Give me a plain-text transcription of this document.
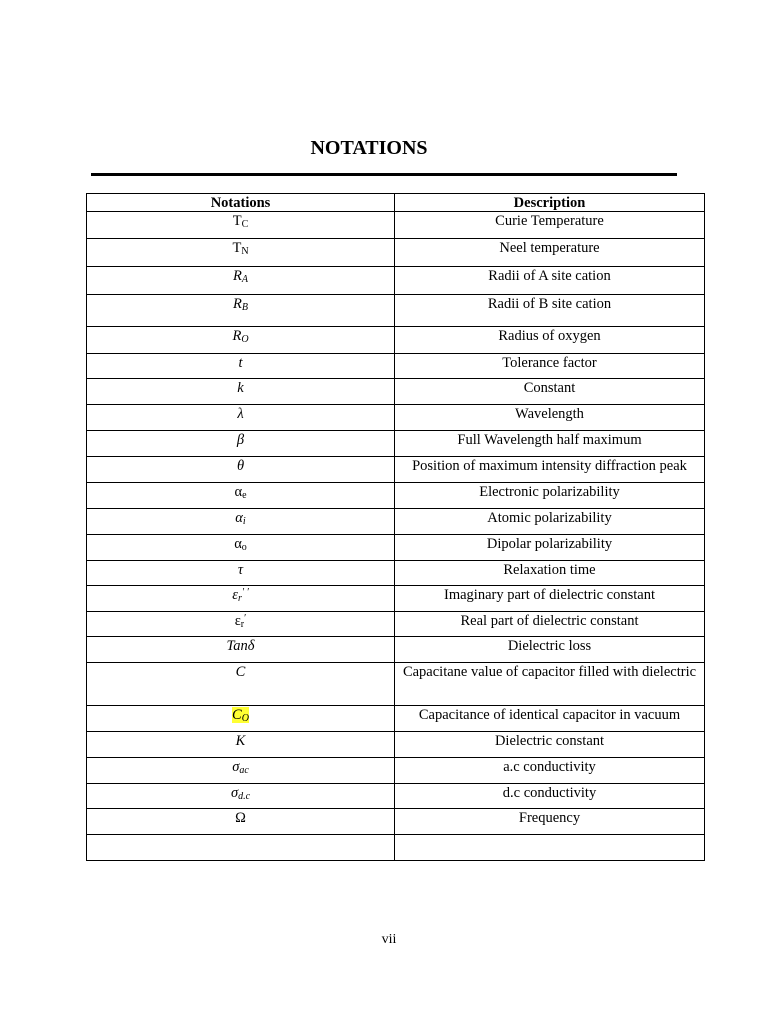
NOTATIONS
Notations	Description
$T_C$	Curie Temperature
$T_N$	Neel temperature
$R_A$	Radii of A site cation
$R_B$	Radii of B site cation
$R_O$	Radius of oxygen
t	Tolerance factor
k	Constant
λ	Wavelength
β	Full Wavelength half maximum
θ	Position of maximum intensity diffraction peak
$\alpha_e$	Electronic polarizability
$\alpha_i$	Atomic polarizability
$\alpha_o$	Dipolar polarizability
τ	Relaxation time
$\varepsilon_r^{' '}$	Imaginary part of dielectric constant
$\varepsilon_r'$	Real part of dielectric constant
Tanδ	Dielectric loss
C	Capacitane value of capacitor filled with dielectric
$C_O$	Capacitance of identical capacitor in vacuum
K	Dielectric constant
$\sigma_{ac}$	a.c conductivity
$\sigma_{d.c}$	d.c conductivity
Ω	Frequency

vii
